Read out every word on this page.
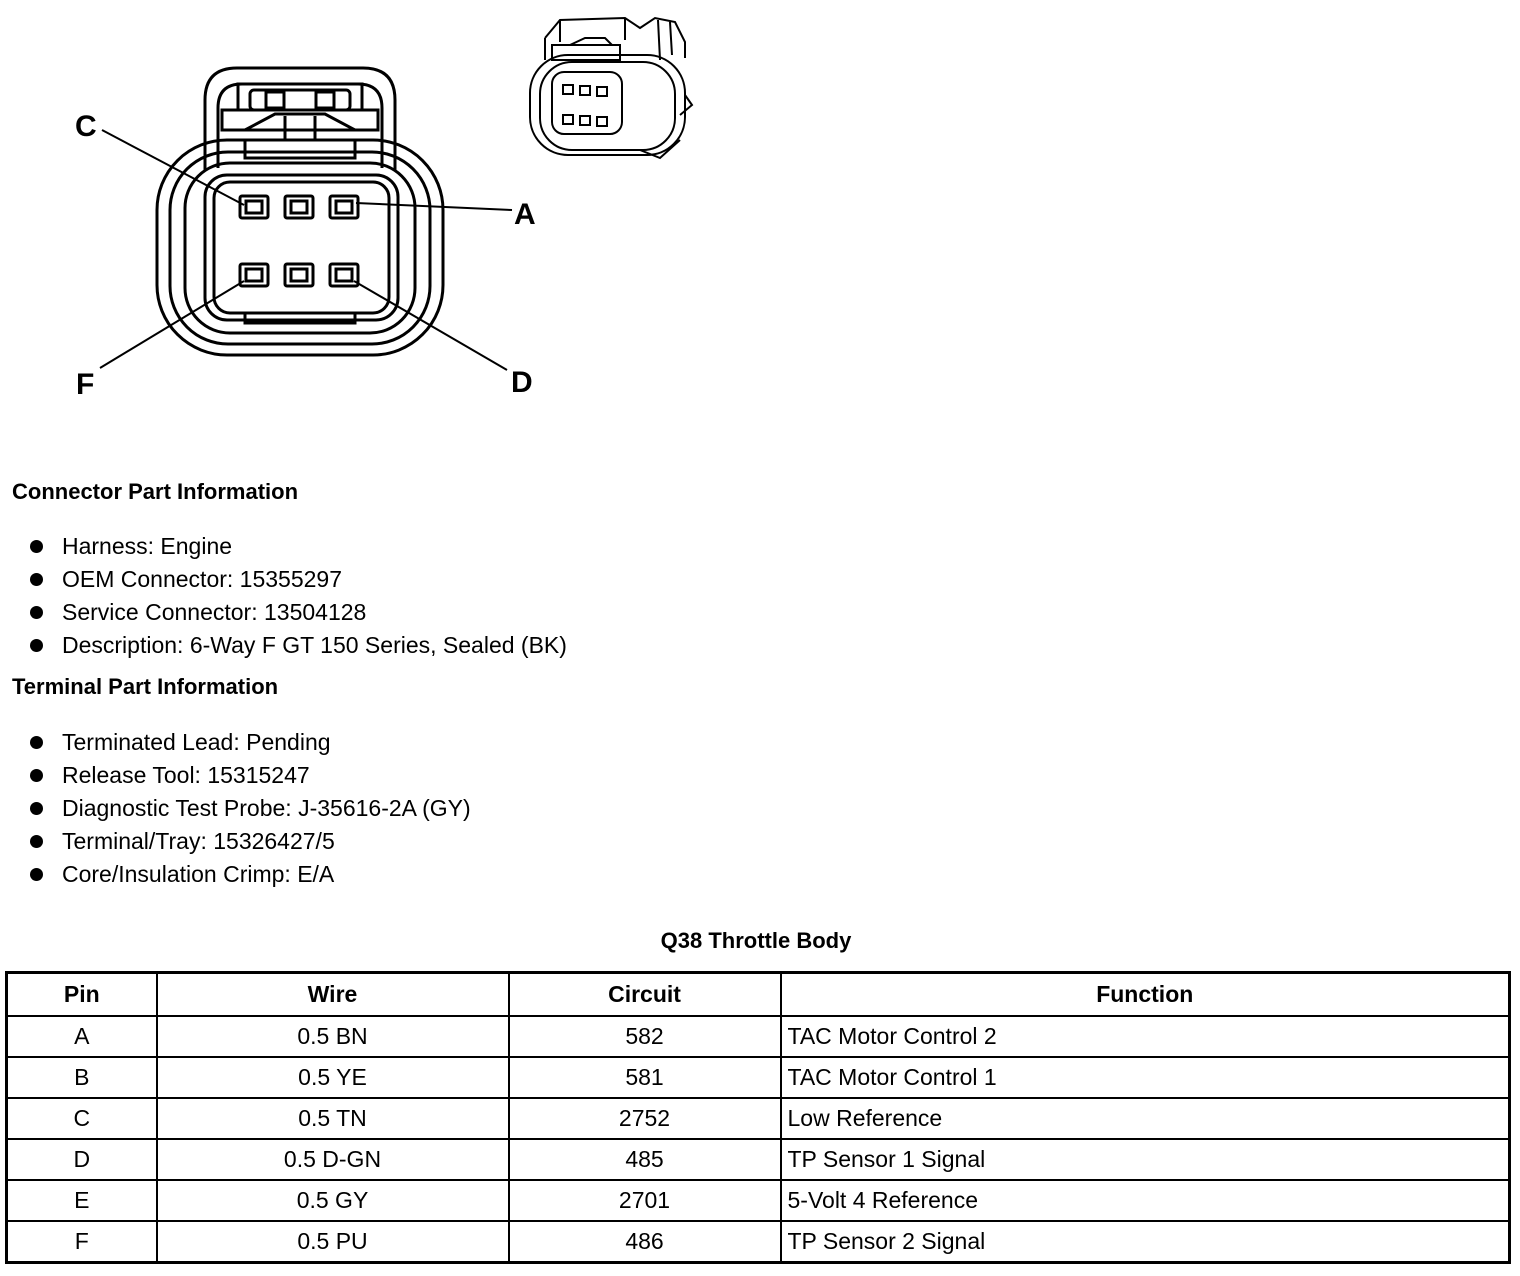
C
A
F	D
Connector Part Information
Harness: Engine
OEM Connector: 15355297
Service Connector: 13504128
Description: 6-Way F GT 150 Series, Sealed (BK)
Terminal Part Information
Terminated Lead: Pending
Release Tool: 15315247
Diagnostic Test Probe: J-35616-2A (GY)
Terminal/Tray: 15326427/5
Core/Insulation Crimp: E/A
Q38 Throttle Body
Pin	Wire	Circuit	Function
A	0.5 BN	582	TAC Motor Control 2
B	0.5 YE	581	TAC Motor Control 1
C	0.5 TN	2752	Low Reference
D	0.5 D-GN	485	TP Sensor 1 Signal
E	0.5 GY	2701	5-Volt 4 Reference
F	0.5 PU	486	TP Sensor 2 Signal
